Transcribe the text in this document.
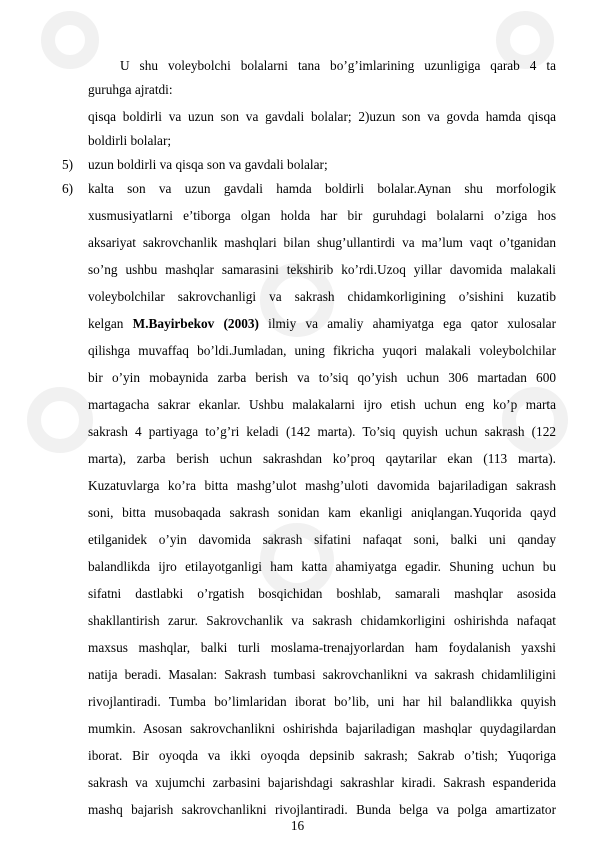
U shu voleybolchi bolalarni tana bo’g’imlarining uzunligiga qarab 4 ta
guruhga ajratdi:
qisqa boldirli va uzun son va gavdali bolalar; 2)uzun son va govda hamda qisqa
boldirli bolalar;
5) uzun boldirli va qisqa son va gavdali bolalar;
6) kalta son va uzun gavdali hamda boldirli bolalar.Aynan shu morfologik
xusmusiyatlarni e’tiborga olgan holda har bir guruhdagi bolalarni o’ziga hos
aksariyat sakrovchanlik mashqlari bilan shug’ullantirdi va ma’lum vaqt o’tganidan
so’ng ushbu mashqlar samarasini tekshirib ko’rdi.Uzoq yillar davomida malakali
voleybolchilar sakrovchanligi va sakrash chidamkorligining o’sishini kuzatib
kelgan M.Bayirbekov (2003) ilmiy va amaliy ahamiyatga ega qator xulosalar
qilishga muvaffaq bo’ldi.Jumladan, uning fikricha yuqori malakali voleybolchilar
bir o’yin mobaynida zarba berish va to’siq qo’yish uchun 306 martadan 600
martagacha sakrar ekanlar. Ushbu malakalarni ijro etish uchun eng ko’p marta
sakrash 4 partiyaga to’g’ri keladi (142 marta). To’siq quyish uchun sakrash (122
marta), zarba berish uchun sakrashdan ko’proq qaytarilar ekan (113 marta).
Kuzatuvlarga ko’ra bitta mashg’ulot mashg’uloti davomida bajariladigan sakrash
soni, bitta musobaqada sakrash sonidan kam ekanligi aniqlangan.Yuqorida qayd
etilganidek o’yin davomida sakrash sifatini nafaqat soni, balki uni qanday
balandlikda ijro etilayotganligi ham katta ahamiyatga egadir. Shuning uchun bu
sifatni dastlabki o’rgatish bosqichidan boshlab, samarali mashqlar asosida
shakllantirish zarur. Sakrovchanlik va sakrash chidamkorligini oshirishda nafaqat
maxsus mashqlar, balki turli moslama-trenajyorlardan ham foydalanish yaxshi
natija beradi. Masalan: Sakrash tumbasi sakrovchanlikni va sakrash chidamliligini
rivojlantiradi. Tumba bo’limlaridan iborat bo’lib, uni har hil balandlikka quyish
mumkin. Asosan sakrovchanlikni oshirishda bajariladigan mashqlar quydagilardan
iborat. Bir oyoqda va ikki oyoqda depsinib sakrash; Sakrab o’tish; Yuqoriga
sakrash va xujumchi zarbasini bajarishdagi sakrashlar kiradi. Sakrash espanderida
mashq bajarish sakrovchanlikni rivojlantiradi. Bunda belga va polga amartizator
16
